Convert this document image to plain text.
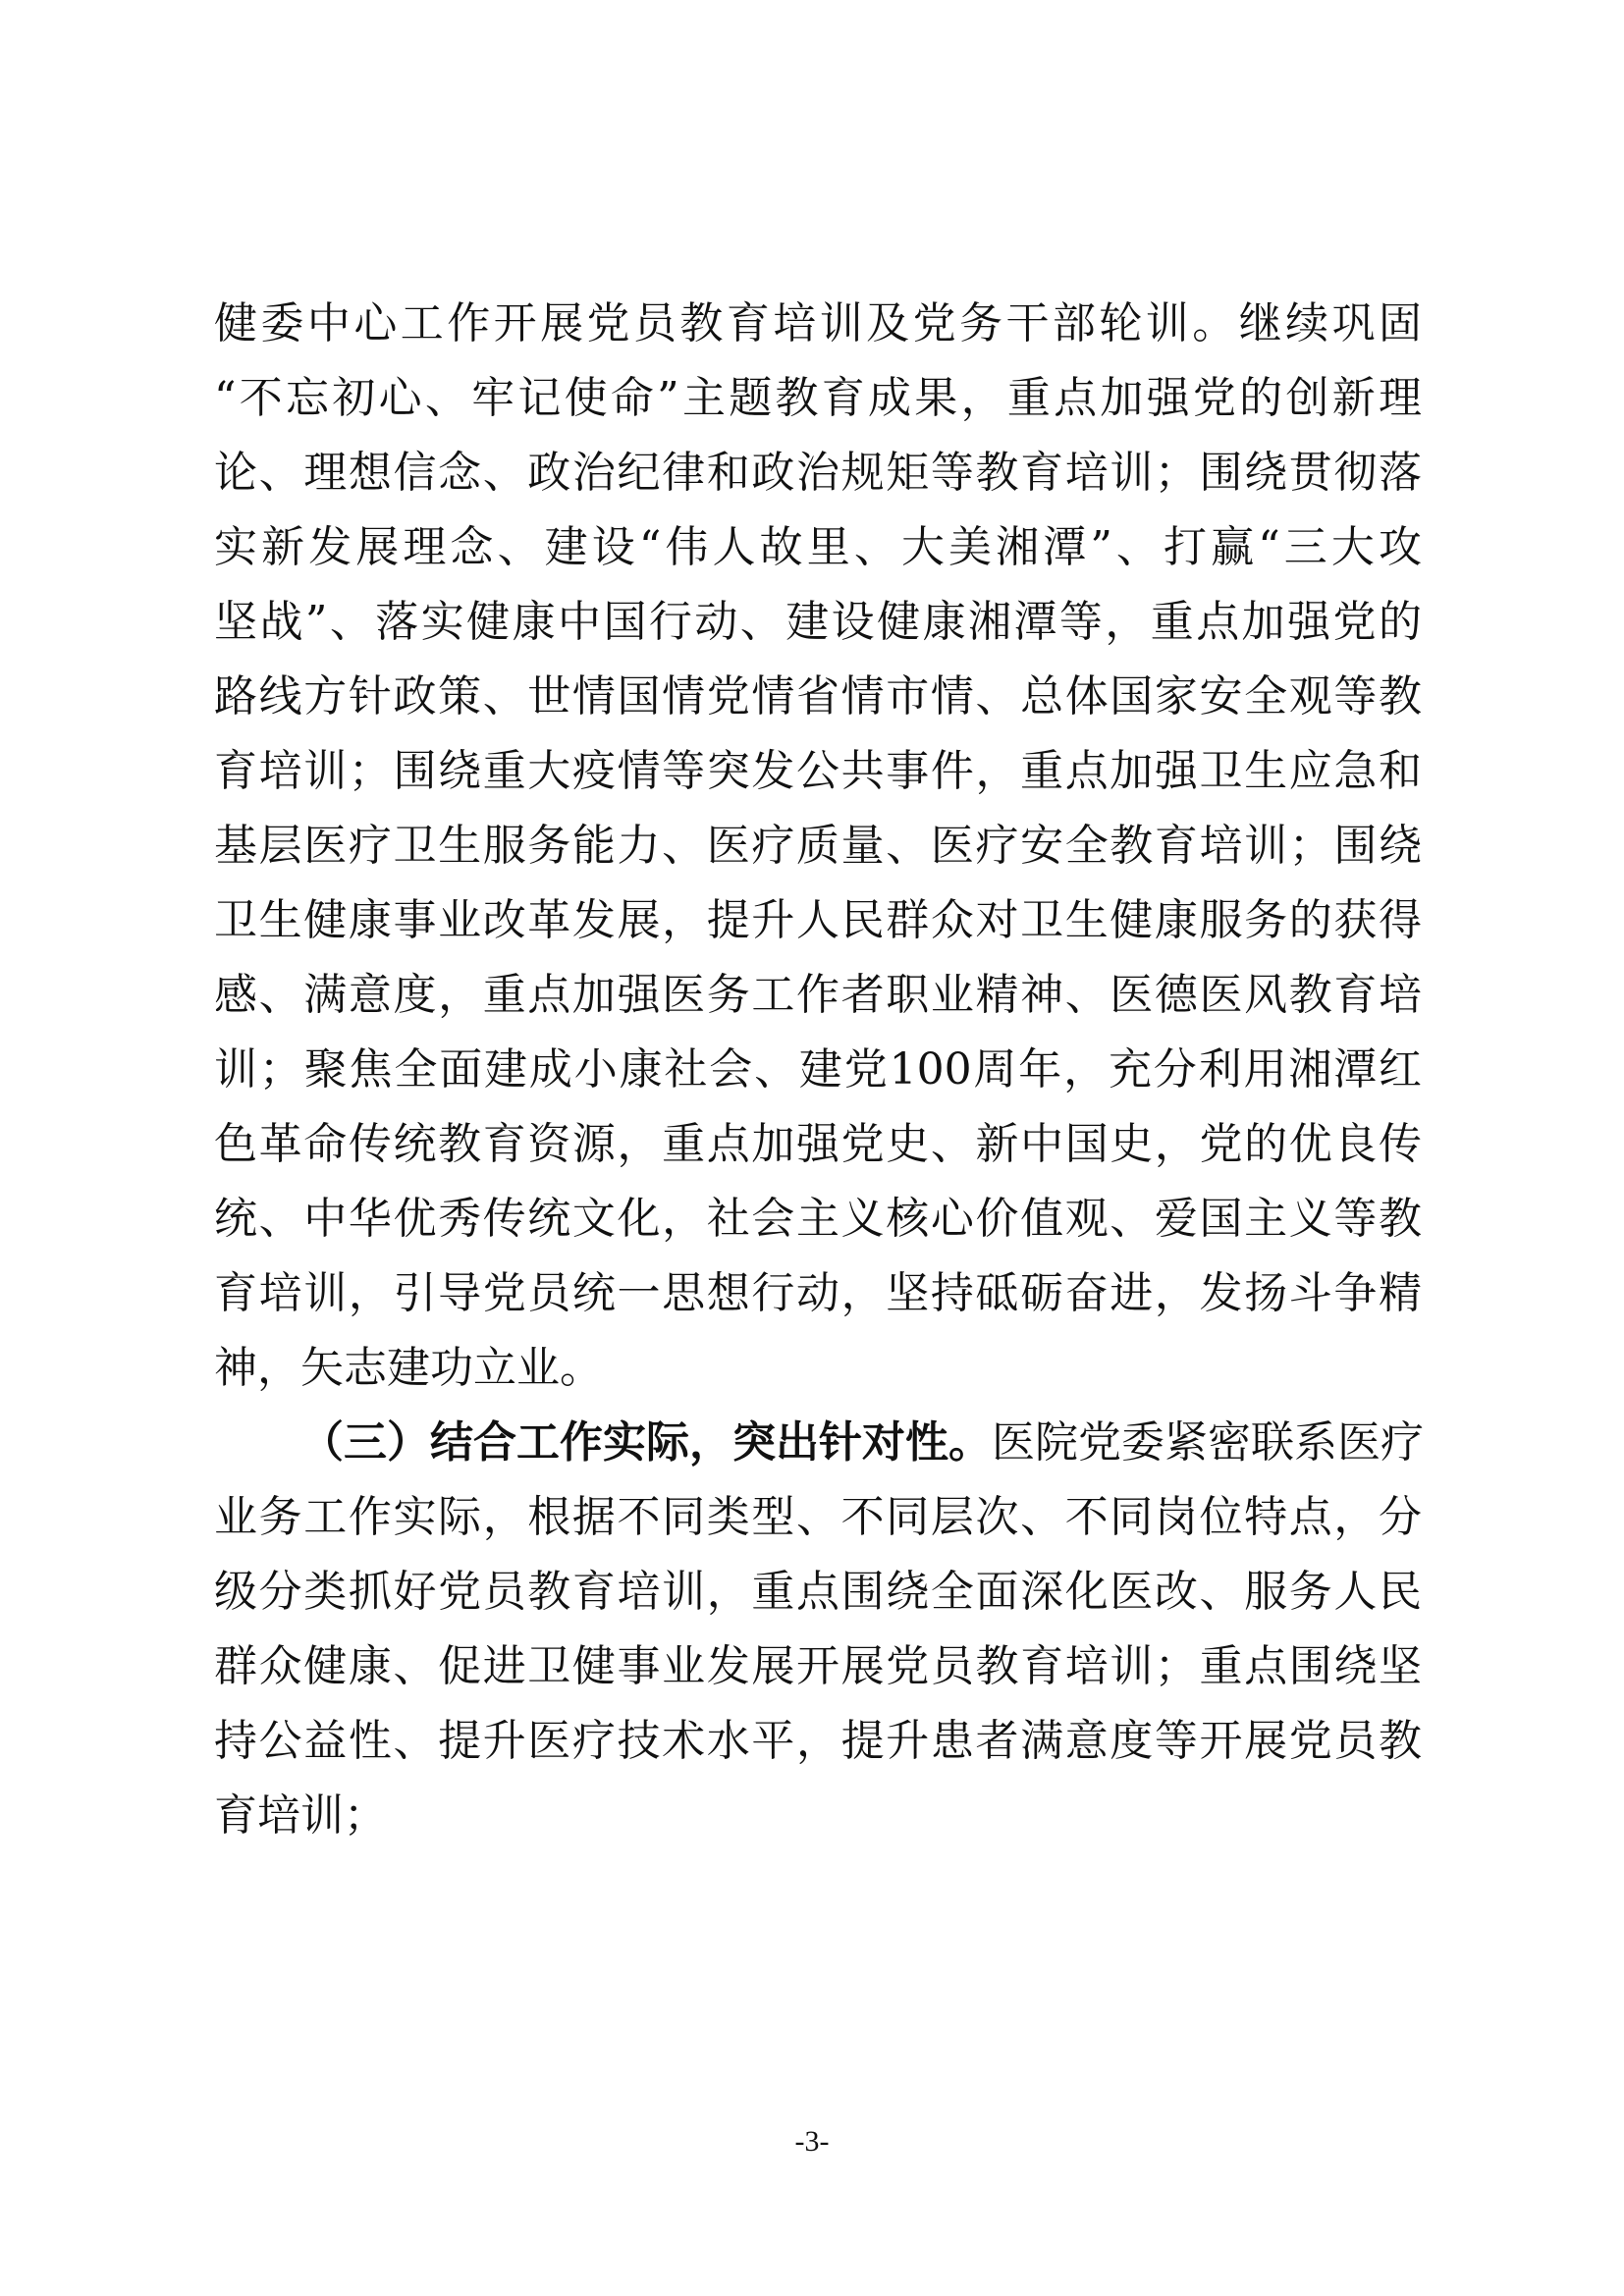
健委中心工作开展党员教育培训及党务干部轮训。继续巩固
“不忘初心、牢记使命”主题教育成果，重点加强党的创新理
论、理想信念、政治纪律和政治规矩等教育培训；围绕贯彻落
实新发展理念、建设“伟人故里、大美湘潭”、打赢“三大攻
坚战”、落实健康中国行动、建设健康湘潭等，重点加强党的
路线方针政策、世情国情党情省情市情、总体国家安全观等教
育培训；围绕重大疫情等突发公共事件，重点加强卫生应急和
基层医疗卫生服务能力、医疗质量、医疗安全教育培训；围绕
卫生健康事业改革发展，提升人民群众对卫生健康服务的获得
感、满意度，重点加强医务工作者职业精神、医德医风教育培
训；聚焦全面建成小康社会、建党100周年，充分利用湘潭红
色革命传统教育资源，重点加强党史、新中国史，党的优良传
统、中华优秀传统文化，社会主义核心价值观、爱国主义等教
育培训，引导党员统一思想行动，坚持砥砺奋进，发扬斗争精
神，矢志建功立业。
（三）结合工作实际，突出针对性。医院党委紧密联系医疗
业务工作实际，根据不同类型、不同层次、不同岗位特点，分
级分类抓好党员教育培训，重点围绕全面深化医改、服务人民
群众健康、促进卫健事业发展开展党员教育培训；重点围绕坚
持公益性、提升医疗技术水平，提升患者满意度等开展党员教
育培训；
-3-
